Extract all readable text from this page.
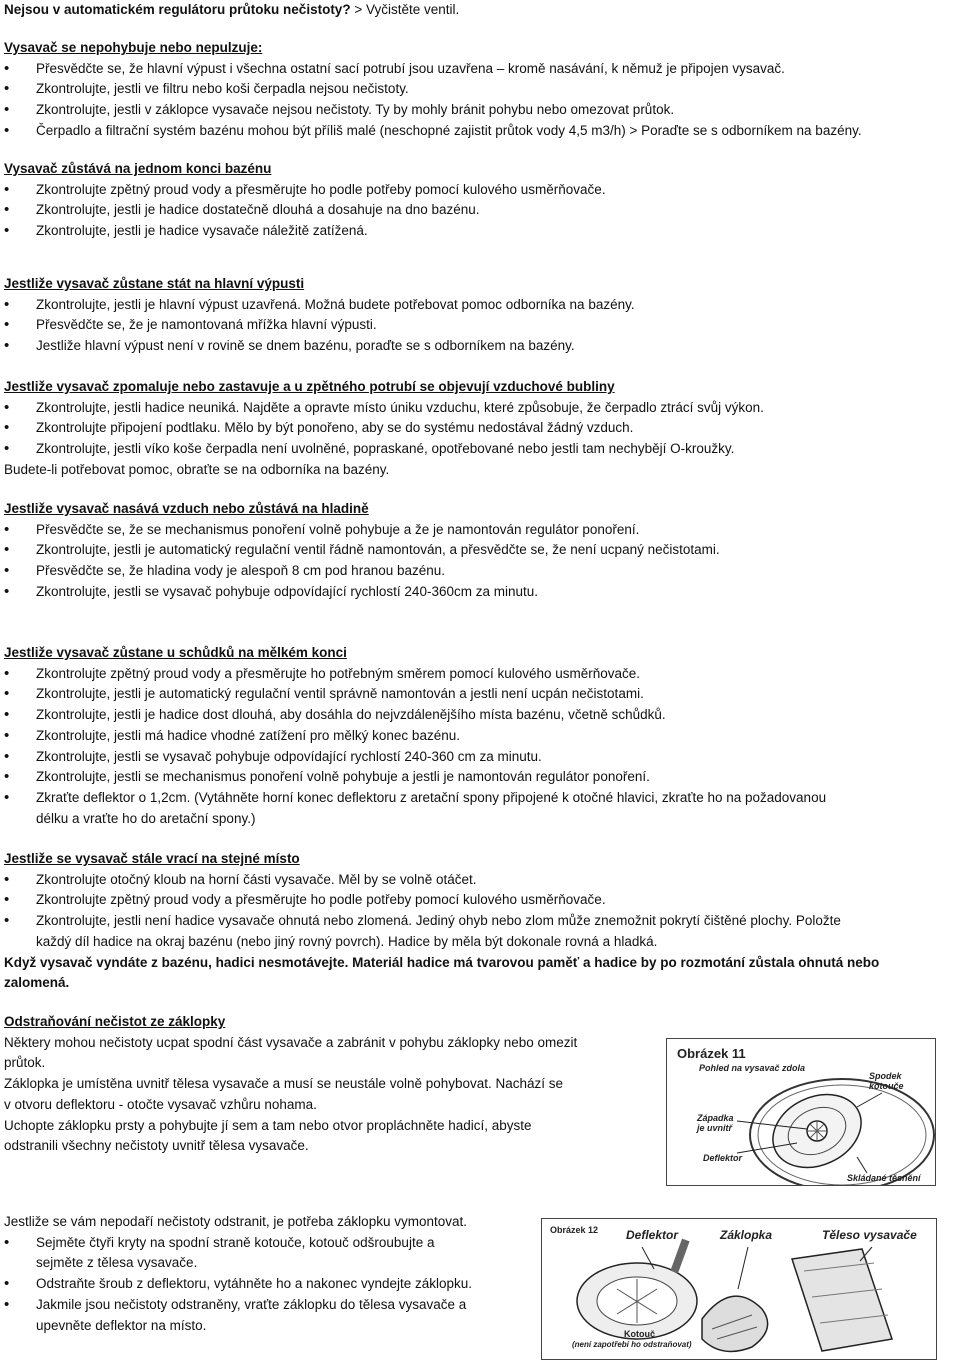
Nejsou v automatickém regulátoru průtoku nečistoty? > Vyčistěte ventil.
Vysavač se nepohybuje nebo nepulzuje:
• Přesvědčte se, že hlavní výpust i všechna ostatní sací potrubí jsou uzavřena – kromě nasávání, k němuž je připojen vysavač.
• Zkontrolujte, jestli ve filtru nebo koši čerpadla nejsou nečistoty.
• Zkontrolujte, jestli v záklopce vysavače nejsou nečistoty. Ty by mohly bránit pohybu nebo omezovat průtok.
• Čerpadlo a filtrační systém bazénu mohou být příliš malé (neschopné zajistit průtok vody 4,5 m3/h) > Poraďte se s odborníkem na bazény.
Vysavač zůstává na jednom konci bazénu
• Zkontrolujte zpětný proud vody a přesměrujte ho podle potřeby pomocí kulového usměrňovače.
• Zkontrolujte, jestli je hadice dostatečně dlouhá a dosahuje na dno bazénu.
• Zkontrolujte, jestli je hadice vysavače náležitě zatížená.
Jestliže vysavač zůstane stát na hlavní výpusti
• Zkontrolujte, jestli je hlavní výpust uzavřená. Možná budete potřebovat pomoc odborníka na bazény.
• Přesvědčte se, že je namontovaná mřížka hlavní výpusti.
• Jestliže hlavní výpust není v rovině se dnem bazénu, poraďte se s odborníkem na bazény.
Jestliže vysavač zpomaluje nebo zastavuje a u zpětného potrubí se objevují vzduchové bubliny
• Zkontrolujte, jestli hadice neuniká. Najděte a opravte místo úniku vzduchu, které způsobuje, že čerpadlo ztrácí svůj výkon.
• Zkontrolujte připojení podtlaku. Mělo by být ponořeno, aby se do systému nedostával žádný vzduch.
• Zkontrolujte, jestli víko koše čerpadla není uvolněné, popraskané, opotřebované nebo jestli tam nechybějí O-kroužky.
Budete-li potřebovat pomoc, obraťte se na odborníka na bazény.
Jestliže vysavač nasává vzduch nebo zůstává na hladině
• Přesvědčte se, že se mechanismus ponoření volně pohybuje a že je namontován regulátor ponoření.
• Zkontrolujte, jestli je automatický regulační ventil řádně namontován, a přesvědčte se, že není ucpaný nečistotami.
• Přesvědčte se, že hladina vody je alespoň 8 cm pod hranou bazénu.
• Zkontrolujte, jestli se vysavač pohybuje odpovídající rychlostí 240-360cm za minutu.
Jestliže vysavač zůstane u schůdků na mělkém konci
• Zkontrolujte zpětný proud vody a přesměrujte ho potřebným směrem pomocí kulového usměrňovače.
• Zkontrolujte, jestli je automatický regulační ventil správně namontován a jestli není ucpán nečistotami.
• Zkontrolujte, jestli je hadice dost dlouhá, aby dosáhla do nejvzdálenějšího místa bazénu, včetně schůdků.
• Zkontrolujte, jestli má hadice vhodné zatížení pro mělký konec bazénu.
• Zkontrolujte, jestli se vysavač pohybuje odpovídající rychlostí 240-360 cm za minutu.
• Zkontrolujte, jestli se mechanismus ponoření volně pohybuje a jestli je namontován regulátor ponoření.
• Zkraťte deflektor o 1,2cm. (Vytáhněte horní konec deflektoru z aretační spony připojené k otočné hlavici, zkraťte ho na požadovanou
délku a vraťte ho do aretační spony.)
Jestliže se vysavač stále vrací na stejné místo
• Zkontrolujte otočný kloub na horní části vysavače. Měl by se volně otáčet.
• Zkontrolujte zpětný proud vody a přesměrujte ho podle potřeby pomocí kulového usměrňovače.
• Zkontrolujte, jestli není hadice vysavače ohnutá nebo zlomená. Jediný ohyb nebo zlom může znemožnit pokrytí čištěné plochy. Položte
každý díl hadice na okraj bazénu (nebo jiný rovný povrch). Hadice by měla být dokonale rovná a hladká.
Když vysavač vyndáte z bazénu, hadici nesmotávejte. Materiál hadice má tvarovou paměť a hadice by po rozmotání zůstala ohnutá nebo
zalomená.
Odstraňování nečistot ze záklopky
Některy mohou nečistoty ucpat spodní část vysavače a zabránit v pohybu záklopky nebo omezit
průtok.
Záklopka je umístěna uvnitř tělesa vysavače a musí se neustále volně pohybovat. Nachází se
v otvoru deflektoru - otočte vysavač vzhůru nohama.
Uchopte záklopku prsty a pohybujte jí sem a tam nebo otvor propláchněte hadicí, abyste
odstranili všechny nečistoty uvnitř tělesa vysavače.
Jestliže se vám nepodaří nečistoty odstranit, je potřeba záklopku vymontovat.
• Sejměte čtyři kryty na spodní straně kotouče, kotouč odšroubujte a
sejměte z tělesa vysavače.
• Odstraňte šroub z deflektoru, vytáhněte ho a nakonec vyndejte záklopku.
• Jakmile jsou nečistoty odstraněny, vraťte záklopku do tělesa vysavače a
upevněte deflektor na místo.
Obrázek 11
Pohled na vysavač zdola
Spodek
kotouče
Západka
je uvnitř
Deflektor
Skládané těsnění
Obrázek 12 Deflektor	Záklopka	Těleso vysavače
Kotouč
(není zapotřebí ho odstraňovat)
